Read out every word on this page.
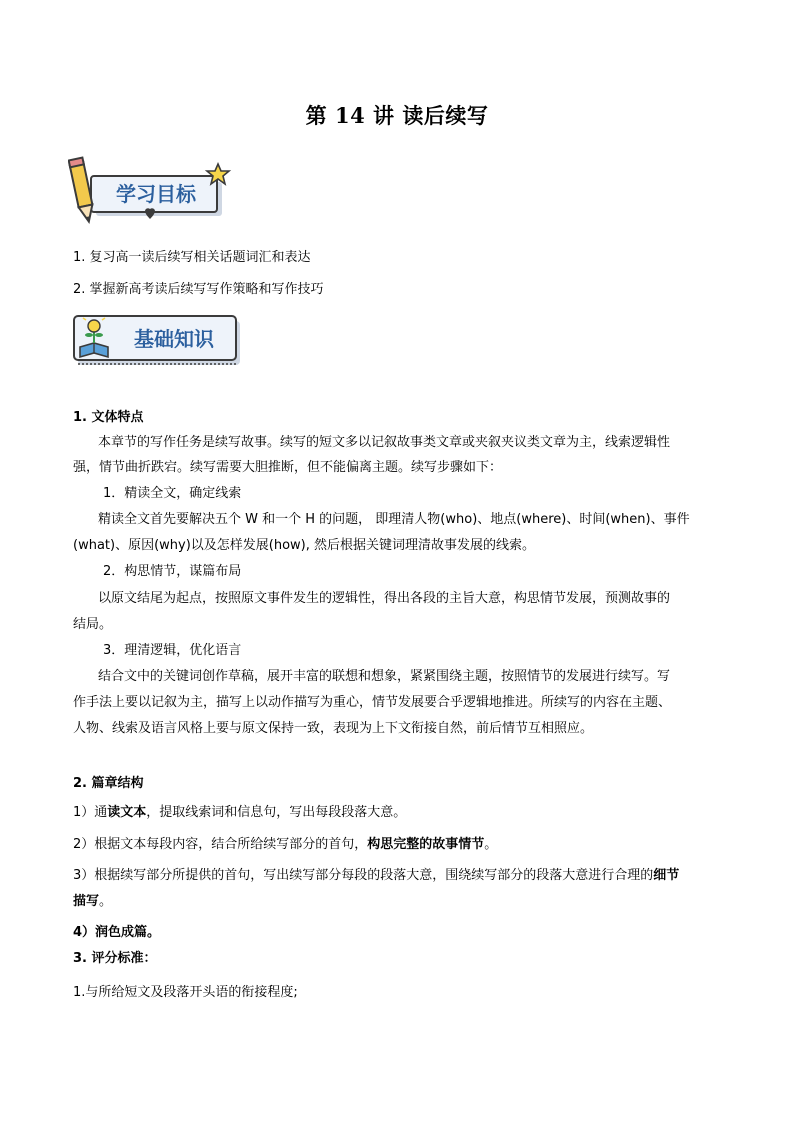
第 14 讲 读后续写
学习目标
1. 复习高一读后续写相关话题词汇和表达
2. 掌握新高考读后续写写作策略和写作技巧
基础知识
1. 文体特点
本章节的写作任务是续写故事。续写的短文多以记叙故事类文章或夹叙夹议类文章为主，线索逻辑性
强，情节曲折跌宕。续写需要大胆推断，但不能偏离主题。续写步骤如下：
1．精读全文，确定线索
精读全文首先要解决五个 W 和一个 H 的问题， 即理清人物(who)、地点(where)、时间(when)、事件
(what)、原因(why)以及怎样发展(how), 然后根据关键词理清故事发展的线索。
2．构思情节，谋篇布局
以原文结尾为起点，按照原文事件发生的逻辑性，得出各段的主旨大意，构思情节发展，预测故事的
结局。
3．理清逻辑，优化语言
结合文中的关键词创作草稿，展开丰富的联想和想象，紧紧围绕主题，按照情节的发展进行续写。写
作手法上要以记叙为主，描写上以动作描写为重心，情节发展要合乎逻辑地推进。所续写的内容在主题、
人物、线索及语言风格上要与原文保持一致，表现为上下文衔接自然，前后情节互相照应。
2. 篇章结构
1）通读文本，提取线索词和信息句，写出每段段落大意。
2）根据文本每段内容，结合所给续写部分的首句，构思完整的故事情节。
3）根据续写部分所提供的首句，写出续写部分每段的段落大意，围绕续写部分的段落大意进行合理的细节
描写。
4）润色成篇。
3. 评分标准：
1.与所给短文及段落开头语的衔接程度;
